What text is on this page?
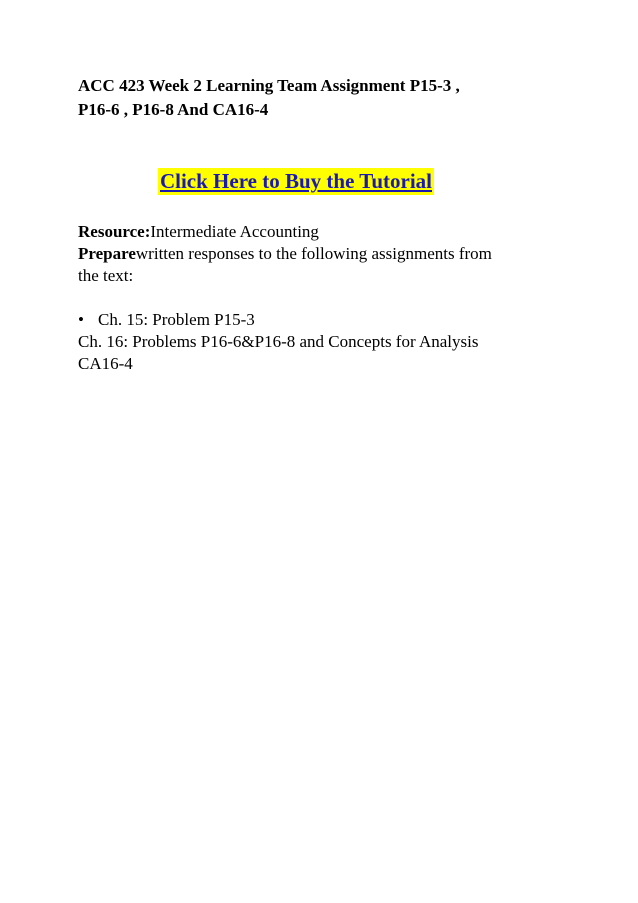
ACC 423 Week 2 Learning Team Assignment P15-3 ,
P16-6 , P16-8 And CA16-4
Click Here to Buy the Tutorial

Resource:Intermediate Accounting
Preparewritten responses to the following assignments from
the text:

• Ch. 15: Problem P15-3
Ch. 16: Problems P16-6&P16-8 and Concepts for Analysis
CA16-4
